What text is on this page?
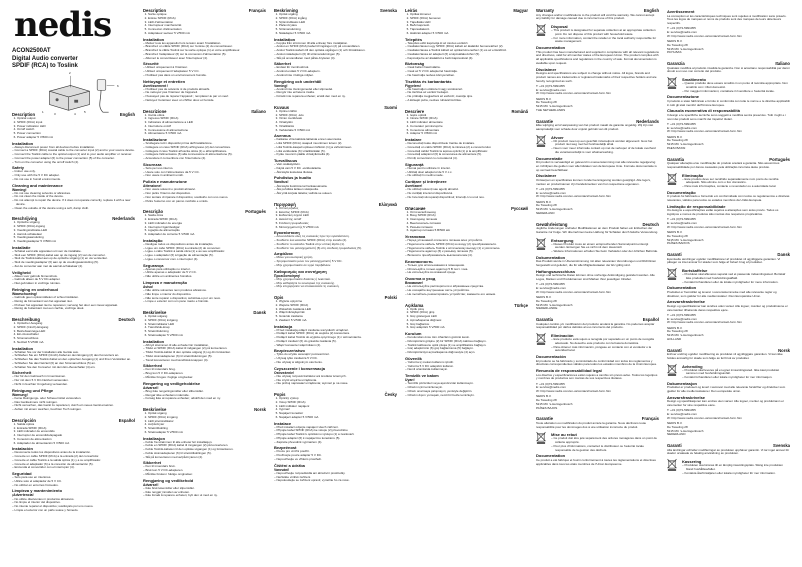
nedis
ACON2500AT
Digital Audio converter
SPDIF (RCA) to Toslink
2
1	3	4	5
6
Description	English
1. Optical output
2. SPDIF (RCA) input
3. Power indication LED
4. On/off switch
5. Power connection
6. Power adapter 5 V/500 mA
Installation
– Always disconnect power from all devices before installation.
– Connect a SPDIF (RCA) coaxial cable to the converter input (2) and to your source device.
– Connect the Toslink cable to the optical output (1) and to your audio amplifier or receiver.
– Connect the power adapter (6) to the power connection (5) of the converter.
– Turn on the converter using the on/off switch (4).
Safety
– Indoor use only.
– Only use with the 5 V DC adapter.
– Do not use in humid environments.
Cleaning and maintenance
Warning!
– Do not use cleaning solvents or abrasives.
– Do not clean the inside of the device.
– Do not attempt to repair the device. If it does not operate correctly, replace it with a new device.
– Clean the outside of the device using a soft, damp cloth.
Beschrijving	Nederlands
1. Optische uitgang
2. SPDIF (RCA)-ingang
3. Voedingsindicatie-LED
4. Aan/uit-schakelaar
5. Voedingsaansluiting
6. Voedingsadapter 5 V/500 mA
Installatie
– Schakel eerst alle apparaten uit voor de installatie.
– Sluit een SPDIF (RCA)-kabel aan op de ingang (2) van de converter.
– Sluit de Toslink-kabel aan op de optische uitgang (1) en uw versterker.
– Sluit de voedingsadapter (6) aan op de voedingsaansluiting (5).
– Zet de converter aan met de aan/uit-schakelaar (4).
Veiligheid
– Alleen voor gebruik binnenshuis.
– Gebruik alleen de 5 V DC-adapter.
– Niet gebruiken in vochtige ruimtes.
Reiniging en onderhoud
Waarschuwing!
– Gebruik geen oplosmiddelen of schuurmiddelen.
– Reinig de binnenkant van het apparaat niet.
– Probeer het apparaat niet te repareren; vervang het door een nieuw apparaat.
– Reinig de buitenkant met een zachte, vochtige doek.
Beschreibung	Deutsch
1. Optischer Ausgang
2. SPDIF (Cinch)-Eingang
3. Betriebsanzeige-LED
4. Ein-/Ausschalter
5. Stromanschluss
6. Netzteil 5 V/500 mA
Installation
– Schalten Sie vor der Installation alle Geräte aus.
– Schließen Sie ein SPDIF (Cinch)-Kabel an den Eingang (2) des Konverters an.
– Schließen Sie das Toslink-Kabel an den optischen Ausgang (1) und Ihren Verstärker an.
– Schließen Sie das Netzteil (6) an den Stromanschluss (5) an.
– Schalten Sie den Konverter mit dem Ein-/Ausschalter (4) ein.
Sicherheit
– Nur für den Gebrauch in Innenräumen.
– Nur mit dem 5 V DC-Netzteil verwenden.
– Nicht in feuchter Umgebung verwenden.
Reinigung und Pflege
Warnung!
– Keine Reinigungs- oder Scheuermittel verwenden.
– Das Geräteinnere nicht reinigen.
– Nicht versuchen, das Gerät zu reparieren; durch ein neues Gerät ersetzen.
– Außen mit einem weichen, feuchten Tuch reinigen.
Descripción	Español
1. Salida óptica
2. Entrada SPDIF (RCA)
3. LED indicador de encendido
4. Interruptor de encendido/apagado
5. Conexión de alimentación
6. Adaptador de alimentación 5 V/500 mA
Instalación
– Desconecte todos los dispositivos antes de la instalación.
– Conecte un cable SPDIF (RCA) a la entrada (2) del convertidor.
– Conecte el cable Toslink a la salida óptica (1) y a su amplificador.
– Conecte el adaptador (6) a la conexión de alimentación (5).
– Encienda el convertidor con el interruptor (4).
Seguridad
– Solo para uso en interiores.
– Utilice solo el adaptador de 5 V CC.
– No utilizar en entornos húmedos.
Limpieza y mantenimiento
¡Advertencia!
– No utilice disolventes ni productos abrasivos.
– No limpie el interior del dispositivo.
– No intente reparar el dispositivo; sustitúyalo por uno nuevo.
– Limpie el exterior con un paño suave y húmedo.
Description	Français
1. Sortie optique
2. Entrée SPDIF (RCA)
3. LED d'alimentation
4. Interrupteur marche/arrêt
5. Connexion d'alimentation
6. Adaptateur secteur 5 V/500 mA
Installation
– Mettez tous les appareils hors tension avant l'installation.
– Branchez un câble SPDIF (RCA) sur l'entrée (2) du convertisseur.
– Branchez le câble Toslink sur la sortie optique (1) et votre amplificateur.
– Branchez l'adaptateur (6) sur la connexion d'alimentation (5).
– Allumez le convertisseur avec l'interrupteur (4).
Sécurité
– Utilisez uniquement à l'intérieur.
– Utilisez uniquement l'adaptateur 5 V CC.
– N'utilisez pas dans un environnement humide.
Nettoyage et entretien
Avertissement !
– N'utilisez pas de solvants ni de produits abrasifs.
– Ne nettoyez pas l'intérieur de l'appareil.
– N'essayez pas de réparer l'appareil ; remplacez-le par un neuf.
– Nettoyez l'extérieur avec un chiffon doux et humide.
Descrizione	Italiano
1. Uscita ottica
2. Ingresso SPDIF (RCA)
3. Indicatore di alimentazione a LED
4. Interruttore on/off
5. Connessione di alimentazione
6. Alimentatore 5 V/500 mA
Installazione
– Scollegare tutti i dispositivi prima dell'installazione.
– Collegare un cavo SPDIF (RCA) all'ingresso (2) del convertitore.
– Collegare il cavo Toslink all'uscita ottica (1) e all'amplificatore.
– Collegare l'alimentatore (6) alla connessione di alimentazione (5).
– Accendere il convertitore con l'interruttore (4).
Sicurezza
– Solo per uso interno.
– Usare solo con l'alimentatore da 5 V CC.
– Non usare in ambienti umidi.
Pulizia e manutenzione
Attenzione!
– Non usare solventi o prodotti abrasivi.
– Non pulire l'interno del dispositivo.
– Non tentare di riparare il dispositivo; sostituirlo con uno nuovo.
– Pulire l'esterno con un panno morbido e umido.
Descrição	Português
1. Saída ótica
2. Entrada SPDIF (RCA)
3. LED indicador de energia
4. Interruptor ligar/desligar
5. Ligação de alimentação
6. Adaptador de corrente 5 V/500 mA
Instalação
– Desligue todos os dispositivos antes da instalação.
– Ligue um cabo SPDIF (RCA) à entrada (2) do conversor.
– Ligue o cabo Toslink à saída ótica (1) e ao seu amplificador.
– Ligue o adaptador (6) à ligação de alimentação (5).
– Ligue o conversor com o interruptor (4).
Segurança
– Apenas para utilização no interior.
– Utilize apenas o adaptador de 5 V CC.
– Não utilize em ambientes húmidos.
Limpeza e manutenção
Aviso!
– Não utilize solventes nem produtos abrasivos.
– Não limpe o interior do dispositivo.
– Não tente reparar o dispositivo; substitua-o por um novo.
– Limpe o exterior com um pano macio e húmido.
Beskrivelse	Dansk
1. Optisk udgang
2. SPDIF (RCA) indgang
3. Strømindikator LED
4. Tænd/sluk-knap
5. Strømtilslutning
6. Strømadapter 5 V/500 mA
Installation
– Afbryd strømmen til alle enheder før installation.
– Tilslut et SPDIF (RCA) kabel til indgangen (2) på konverteren.
– Tilslut Toslink-kablet til den optiske udgang (1) og din forstærker.
– Tilslut strømadapteren (6) til strømtilslutningen (5).
– Tænd konverteren med tænd/sluk-knappen (4).
Sikkerhed
– Kun til indendørs brug.
– Brug kun 5 V DC-adapteren.
– Må ikke bruges i fugtige omgivelser.
Rengøring og vedligeholdelse
Advarsel!
– Brug ikke rengøringsmidler eller slibemidler.
– Rengør ikke enhedens inderside.
– Forsøg ikke at reparere enheden; udskift den med en ny.
Beskrivelse	Norsk
1. Optisk utgang
2. SPDIF (RCA) inngang
3. LED strømindikator
4. Av/på-bryter
5. Strømtilkobling
6. Strømadapter 5 V/500 mA
Installasjon
– Koble fra strømmen til alle enheter før installasjon.
– Koble en SPDIF (RCA) kabel til inngangen (2) på konverteren.
– Koble Toslink-kabelen til den optiske utgangen (1) og forsterkeren.
– Koble strømadapteren (6) til strømtilkoblingen (5).
– Slå på konverteren med av/på-bryteren (4).
Sikkerhet
– Kun til innendørs bruk.
– Bruk kun 5 V DC-adapteren.
– Må ikke brukes i fuktige omgivelser.
Rengjøring og vedlikehold
Advarsel!
– Ikke bruk løsemidler eller slipemidler.
– Ikke rengjør innsiden av enheten.
– Ikke forsøk å reparere enheten; bytt den ut med en ny.
Beskrivning	Svenska
1. Optisk utgång
2. SPDIF (RCA) ingång
3. Strömindikator-LED
4. På/av-brytare
5. Strömanslutning
6. Nätadapter 5 V/500 mA
Installation
– Koppla från strömmen till alla enheter före installation.
– Anslut en SPDIF (RCA) kabel till ingången (2) på omvandlaren.
– Anslut Toslink-kabeln till den optiska utgången (1) och förstärkaren.
– Anslut nätadaptern (6) till strömanslutningen (5).
– Slå på omvandlaren med på/av-brytaren (4).
Säkerhet
– Endast för inomhusbruk.
– Använd endast 5 V DC-adaptern.
– Använd inte i fuktiga miljöer.
Rengöring och underhåll
Varning!
– Använd inte lösningsmedel eller slipmedel.
– Rengör inte enhetens insida.
– Försök inte reparera enheten; ersätt den med en ny.
Kuvaus	Suomi
1. Optinen lähtö
2. SPDIF (RCA) -tulo
3. Virran merkkivalo
4. Virtakytkin
5. Virtaliitäntä
6. Verkkolaite 5 V/500 mA
Asennus
– Katkaise virta kaikista laitteista ennen asennusta.
– Liitä SPDIF (RCA) -kaapeli muuntimen tuloon (2).
– Liitä Toslink-kaapeli optiseen lähtöön (1) ja vahvistimeen.
– Liitä verkkolaite (6) virtaliitäntään (5).
– Kytke muunnin päälle virtakytkimellä (4).
Turvallisuus
– Vain sisäkäyttöön.
– Käytä vain 5 V DC -verkkolaitetta.
– Älä käytä kosteissa tiloissa.
Puhdistus ja huolto
Varoitus!
– Älä käytä liuottimia tai hankausaineita.
– Älä puhdista laitteen sisäpuolta.
– Älä yritä korjata laitetta; vaihda se uuteen.
Περιγραφή	Ελληνικά
1. Οπτική έξοδος
2. Είσοδος SPDIF (RCA)
3. Ενδεικτική λυχνία LED
4. Διακόπτης on/off
5. Σύνδεση τροφοδοσίας
6. Μετασχηματιστής 5 V/500 mA
Εγκατάσταση
– Αποσυνδέστε όλες τις συσκευές πριν την εγκατάσταση.
– Συνδέστε ένα καλώδιο SPDIF (RCA) στην είσοδο (2).
– Συνδέστε το καλώδιο Toslink στην οπτική έξοδο (1).
– Συνδέστε τον μετασχηματιστή (6) στη σύνδεση τροφοδοσίας (5).
Ασφάλεια
– Μόνο για εσωτερική χρήση.
– Χρησιμοποιείτε μόνο τον μετασχηματιστή 5 V DC.
– Μην χρησιμοποιείτε σε υγρό περιβάλλον.
Καθαρισμός και συντήρηση
Προειδοποίηση!
– Μην χρησιμοποιείτε διαλύτες ή λειαντικά.
– Μην καθαρίζετε το εσωτερικό της συσκευής.
– Μην επιχειρήσετε να επισκευάσετε τη συσκευή.
Opis	Polski
1. Wyjście optyczne
2. Wejście SPDIF (RCA)
3. Wskaźnik zasilania LED
4. Włącznik/wyłącznik
5. Gniazdo zasilania
6. Zasilacz 5 V/500 mA
Instalacja
– Przed instalacją odłącz zasilanie wszystkich urządzeń.
– Podłącz kabel SPDIF (RCA) do wejścia (2) konwertera.
– Podłącz kabel Toslink do wyjścia optycznego (1) i wzmacniacza.
– Podłącz zasilacz (6) do gniazda zasilania (5).
– Włącz konwerter włącznikiem (4).
Bezpieczeństwo
– Tylko do użytku wewnątrz pomieszczeń.
– Używaj tylko zasilacza 5 V DC.
– Nie używaj w wilgotnym otoczeniu.
Czyszczenie i konserwacja
Ostrzeżenie!
– Nie używaj rozpuszczalników ani środków ściernych.
– Nie czyść wnętrza urządzenia.
– Nie próbuj naprawiać urządzenia; wymień je na nowe.
Popis	Česky
1. Optický výstup
2. Vstup SPDIF (RCA)
3. LED indikátor napájení
4. Vypínač
5. Napájecí konektor
6. Napájecí adaptér 5 V/500 mA
Instalace
– Před instalací odpojte napájení všech zařízení.
– Připojte kabel SPDIF (RCA) ke vstupu (2) převodníku.
– Připojte kabel Toslink k optickému výstupu (1) a zesilovači.
– Připojte adaptér (6) k napájecímu konektoru (5).
– Zapněte převodník vypínačem (4).
Bezpečnost
– Pouze pro vnitřní použití.
– Používejte pouze adaptér 5 V DC.
– Nepoužívejte ve vlhkém prostředí.
Čištění a údržba
Varování!
– Nepoužívejte rozpouštědla ani abrazivní prostředky.
– Nečistěte vnitřek zařízení.
– Nepokoušejte se zařízení opravit; vyměňte ho za nové.
Leírás	Magyar
1. Optikai kimenet
2. SPDIF (RCA) bemenet
3. Tápellátás LED
4. Be/ki kapcsoló
5. Tápcsatlakozó
6. Hálózati adapter 5 V/500 mA
Telepítés
– Telepítés előtt kapcsolja ki az összes eszközt.
– Csatlakoztasson egy SPDIF (RCA) kábelt az átalakító bemenetéhez (2).
– Csatlakoztassa a Toslink kábelt az optikai kimenethez (1) és az erősítőhöz.
– Csatlakoztassa az adaptert (6) a tápcsatlakozóhoz (5).
– Kapcsolja be az átalakítót a be/ki kapcsolóval (4).
Biztonság
– Csak beltéri használatra.
– Csak az 5 V DC adapterrel használja.
– Ne használja nedves környezetben.
Tisztítás és karbantartás
Figyelem!
– Ne használjon oldószert vagy súrolószert.
– Ne tisztítsa az eszköz belsejét.
– Ne próbálja megjavítani az eszközt; cserélje újra.
– A külsejét puha, nedves ruhával tisztítsa.
Descriere	Română
1. Ieșire optică
2. Intrare SPDIF (RCA)
3. LED indicator alimentare
4. Comutator pornire/oprire
5. Conexiune alimentare
6. Adaptor 5 V/500 mA
Instalare
– Deconectați toate dispozitivele înainte de instalare.
– Conectați un cablu SPDIF (RCA) la intrarea (2) a convertorului.
– Conectați cablul Toslink la ieșirea optică (1) și la amplificator.
– Conectați adaptorul (6) la conexiunea de alimentare (5).
– Porniți convertorul cu comutatorul (4).
Siguranță
– Numai pentru utilizare în interior.
– Utilizați doar adaptorul de 5 V c.c.
– Nu utilizați în medii umede.
Curățare și întreținere
Avertizare!
– Nu utilizați solvenți sau agenți abrazivi.
– Nu curățați interiorul dispozitivului.
– Nu încercați să reparați dispozitivul; înlocuiți-l cu unul nou.
Описание	Русский
1. Оптический выход
2. Вход SPDIF (RCA)
3. Светодиод питания
4. Выключатель питания
5. Разъём питания
6. Адаптер питания 5 В/500 мА
Установка
– Перед установкой отключите питание всех устройств.
– Подключите кабель SPDIF (RCA) ко входу (2) преобразователя.
– Подключите кабель Toslink к оптическому выходу (1) и усилителю.
– Подключите адаптер (6) к разъёму питания (5).
– Включите преобразователь выключателем (4).
Безопасность
– Только для использования в помещении.
– Используйте только адаптер 5 В пост. тока.
– Не используйте во влажной среде.
Очистка и уход
Внимание!
– Не используйте растворители и абразивные средства.
– Не очищайте внутреннюю часть устройства.
– Не пытайтесь ремонтировать устройство; замените его новым.
Açıklama	Türkçe
1. Optik çıkış
2. SPDIF (RCA) giriş
3. Güç göstergesi LED
4. Açma/kapama düğmesi
5. Güç bağlantısı
6. Güç adaptörü 5 V/500 mA
Kurulum
– Kurulumdan önce tüm cihazların gücünü kesin.
– Dönüştürücü girişine (2) bir SPDIF (RCA) kablosu bağlayın.
– Toslink kablosunu optik çıkışa (1) ve amplifikatöre bağlayın.
– Güç adaptörünü (6) güç bağlantısına (5) bağlayın.
– Dönüştürücüyü açma/kapama düğmesiyle (4) açın.
Güvenlik
– Yalnızca iç mekan kullanımı içindir.
– Yalnızca 5 V DC adaptörü kullanın.
– Nemli ortamlarda kullanmayın.
Temizlik ve bakım
Uyarı!
– Temizlik çözücüleri veya aşındırıcılar kullanmayın.
– Cihazın içini temizlemeyin.
– Cihazı onarmaya çalışmayın; yenisiyle değiştirin.
– Cihazın dışını yumuşak, nemli bir bezle temizleyin.
Warranty	English
Any changes and/or modifications to the product will void the warranty. We cannot accept any liability for damage caused due to incorrect use of this product.
Disposal
– This product is designated for separate collection at an appropriate collection point. Do not dispose of this product with household waste.
– For more information, contact the retailer or the local authority responsible for waste management.
Documentation
This product has been manufactured and supplied in compliance with all relevant regulations and directives, valid for all member states of the European Union. The product complies with all applicable specifications and regulations in the country of sale. Formal documentation is available upon request.
Disclaimer
Designs and specifications are subject to change without notice. All logos, brands and product names are trademarks or registered trademarks of their respective holders and are hereby recognized as such.
T: +31 (0)73-5991055
E: service@nedis.com
W: http://www.nedis.com/en-us/contact/contact-form.htm
NEDIS B.V.
De Tweeling 28
5215 MC 's-Hertogenbosch
THE NETHERLANDS
Garantie	Nederlands
Elke wijziging en/of aanpassing van het product maakt de garantie ongeldig. Wij zijn niet aansprakelijk voor schade door onjuist gebruik van dit product.
Afvoer
– Dit product moet op een geschikt inzamelpunt worden afgevoerd. Gooi het product niet weg met het huishoudelijk afval.
– Neem voor meer informatie contact op met de verkoper of de lokale overheid die verantwoordelijk is voor afvalverwerking.
Documentatie
Dit product is vervaardigd en geleverd in overeenstemming met alle relevante regelgeving en richtlijnen die gelden voor alle lidstaten van de Europese Unie. Formele documentatie is op verzoek beschikbaar.
Disclaimer
Ontwerpen en specificaties kunnen zonder kennisgeving worden gewijzigd. Alle logo's, merken en productnamen zijn handelsmerken van hun respectieve eigenaren.
T: +31 (0)73-5991055
E: service@nedis.com
W: http://www.nedis.com/en-us/contact/contact-form.htm
NEDIS B.V.
De Tweeling 28
5215 MC 's-Hertogenbosch
NEDERLAND
Gewährleistung	Deutsch
Jegliche Änderungen und/oder Modifikationen an dem Produkt haben ein Erlöschen der Garantie zur Folge. Wir übernehmen keine Haftung für Schäden durch falsche Verwendung.
Entsorgung
– Dieses Produkt muss an einem entsprechenden Sammelpunkt entsorgt werden. Entsorgen Sie es nicht mit dem Hausmüll.
– Weitere Informationen erhalten Sie beim Verkäufer oder der örtlichen Behörde.
Dokumentation
Das Produkt wurde in Übereinstimmung mit allen relevanten Verordnungen und Richtlinien hergestellt und geliefert, die für alle Mitgliedsstaaten der EU gültig sind.
Haftungsausschluss
Design und technische Daten können ohne vorherige Ankündigung geändert werden. Alle Logos, Marken und Produktnamen sind Marken ihrer jeweiligen Inhaber.
T: +31 (0)73-5991055
E: service@nedis.com
W: http://www.nedis.com/en-us/contact/contact-form.htm
NEDIS B.V.
De Tweeling 28
5215 MC 's-Hertogenbosch
NIEDERLANDE
Garantía	Español
Cualquier cambio y/o modificación del producto anulará la garantía. No podemos aceptar responsabilidad por daños debidos al uso incorrecto del producto.
Eliminación
– Este producto está sujeto a recogida por separado en un punto de recogida adecuado. No deseche este producto con la basura doméstica.
– Para obtener más información, póngase en contacto con el vendedor o la autoridad local.
Documentación
El producto se ha fabricado y suministrado de conformidad con todos los reglamentos y directivas correspondientes válidos para todos los estados miembros de la Unión Europea.
Renuncia de responsabilidad legal
Los diseños y especificaciones están sujetos a cambio sin previo aviso. Todos los logotipos y nombres de productos son marcas de sus respectivos titulares.
T: +31 (0)73-5991055
E: service@nedis.com
W: http://www.nedis.com/en-us/contact/contact-form.htm
NEDIS B.V.
De Tweeling 28
5215 MC 's-Hertogenbosch
PAÍSES BAJOS
Garantie	Français
Toute altération ou modification du produit annule la garantie. Nous déclinons toute responsabilité pour les dommages dus à une utilisation incorrecte du produit.
Mise au rebut
– Ce produit doit être jeté séparément des ordures ménagères dans un point de collecte approprié.
– Pour plus d'informations, contactez le distributeur ou l'autorité locale responsable de la gestion des déchets.
Documentation
Ce produit a été fabriqué et fourni conformément à toutes les réglementations et directives applicables dans tous les états membres de l'Union Européenne.
Avertissement
La conception et les caractéristiques techniques sont sujettes à modification sans préavis. Tous les logos de marques et noms de produits sont des marques de leurs détenteurs respectifs.
T: +31 (0)73-5991055
E: service@nedis.com
W: http://www.nedis.com/en-us/contact/contact-form.htm
NEDIS B.V.
De Tweeling 28
5215 MC 's-Hertogenbosch
PAYS-BAS
Garanzia	Italiano
Qualsiasi modifica al prodotto invalida la garanzia. Non si accettano responsabilità per danni dovuti a un uso non corretto del prodotto.
Smaltimento
– Questo prodotto deve essere smaltito in un punto di raccolta appropriato. Non smaltirlo con i rifiuti domestici.
– Per maggiori informazioni, contattare il rivenditore o l'autorità locale.
Documentazione
Il prodotto è stato fabbricato e fornito in conformità con tutte le norme e le direttive applicabili in tutti gli stati membri dell'Unione Europea.
Clausola esonerativa di responsabilità
Il design e le specifiche tecniche sono soggetti a modifica senza preavviso. Tutti i loghi e i nomi dei prodotti sono marchi dei rispettivi titolari.
T: +31 (0)73-5991055
E: service@nedis.com
W: http://www.nedis.com/en-us/contact/contact-form.htm
NEDIS B.V.
De Tweeling 28
5215 MC 's-Hertogenbosch
PAESI BASSI
Garantia	Português
Qualquer alteração e/ou modificação do produto anulará a garantia. Não assumimos responsabilidade por danos causados pela utilização incorreta deste produto.
Eliminação
– Este produto deve ser recolhido separadamente num ponto de recolha adequado. Não elimine com o lixo doméstico.
– Para mais informações, contacte o revendedor ou a autoridade local.
Documentação
O produto foi fabricado e fornecido em conformidade com todos os regulamentos e diretivas relevantes, válidos para todos os estados membros da União Europeia.
Limitação de responsabilidade
Os designs e especificações estão sujeitos a alterações sem aviso prévio. Todos os logótipos e nomes de produtos são marcas dos respetivos proprietários.
T: +31 (0)73-5991055
E: service@nedis.com
W: http://www.nedis.com/en-us/contact/contact-form.htm
NEDIS B.V.
De Tweeling 28
5215 MC 's-Hertogenbosch
PAÍSES BAIXOS
Garanti	Dansk
Eventuelle ændringer og/eller modifikationer af produktet vil ugyldiggøre garantien. Vi påtager os intet ansvar for skader som følge af forkert brug af produktet.
Bortskaffelse
– Produktet skal afleveres separat ved et passende indsamlingssted. Bortskaf ikke produktet med husholdningsaffald.
– Kontakt forhandleren eller de lokale myndigheder for mere information.
Dokumentation
Produktet er fremstillet og leveret i overensstemmelse med alle relevante regler og direktiver, som gælder for alle medlemsstater i Den Europæiske Union.
Ansvarsfraskrivelse
Design og specifikationer kan ændres uden varsel. Alle logoer, mærker og produktnavne er varemærker tilhørende deres respektive ejere.
T: +31 (0)73-5991055
E: service@nedis.com
W: http://www.nedis.com/en-us/contact/contact-form.htm
NEDIS B.V.
De Tweeling 28
5215 MC 's-Hertogenbosch
HOLLAND
Garanti	Norsk
Enhver endring og/eller modifisering av produktet vil ugyldiggjøre garantien. Vi kan ikke holdes ansvarlig for skade som følge av feil bruk av produktet.
Avhending
– Produktet skal leveres på et egnet innsamlingssted. Ikke kast produktet sammen med husholdningsavfall.
– Kontakt forhandleren eller lokale myndigheter for mer informasjon.
Dokumentasjon
Produktet er produsert og levert i samsvar med alle relevante forskrifter og direktiver som gjelder for alle medlemsstatene i Den europeiske union.
Ansvarsfraskrivelse
Design og spesifikasjoner kan endres uten varsel. Alle logoer, merker og produktnavn er varemerker for sine respektive eiere.
T: +31 (0)73-5991055
E: service@nedis.com
W: http://www.nedis.com/en-us/contact/contact-form.htm
NEDIS B.V.
De Tweeling 28
5215 MC 's-Hertogenbosch
NEDERLAND
Garanti	Svenska
Alla ändringar och/eller modifieringar av produkten upphäver garantin. Vi tar inget ansvar för skador orsakade av felaktig användning av produkten.
Kassering
– Produkten ska lämnas till en lämplig insamlingsplats. Släng inte produkten bland hushållsavfallet.
– Kontakta återförsäljaren eller lokala myndigheter för mer information.
